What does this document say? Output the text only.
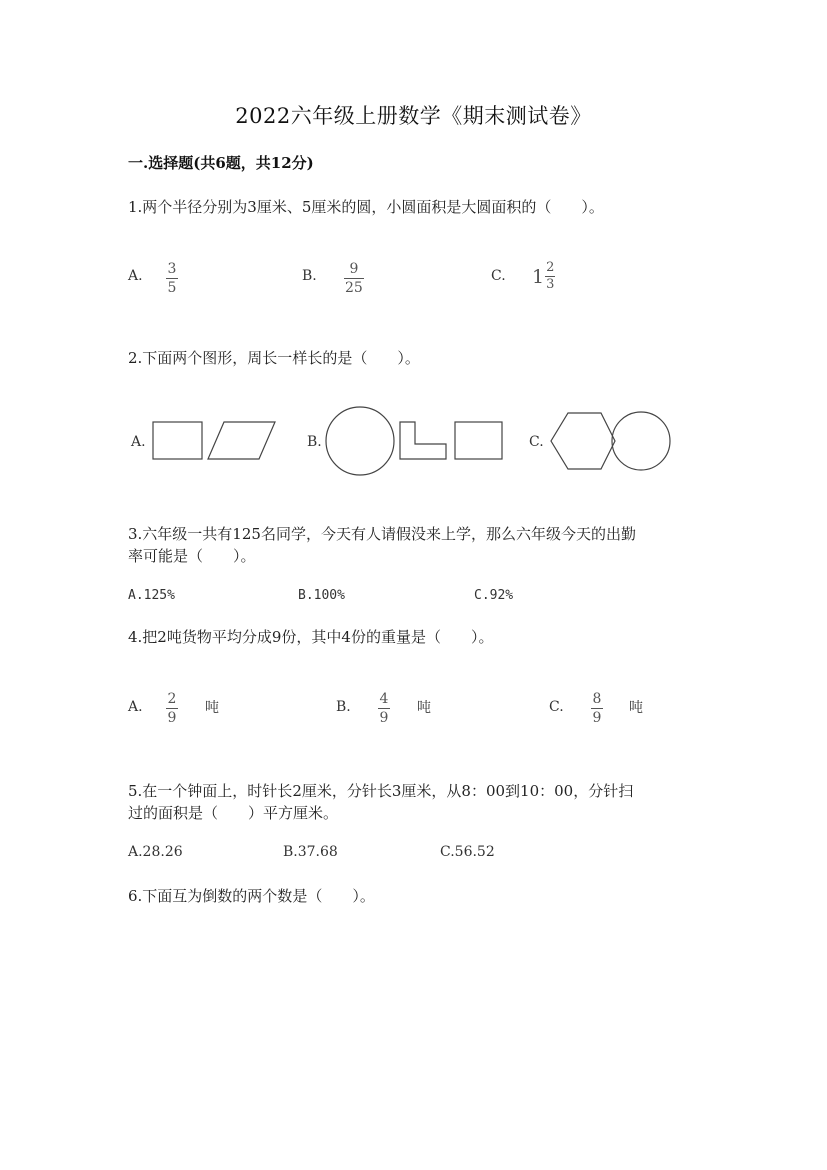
2022六年级上册数学《期末测试卷》
一.选择题(共6题，共12分)
1.两个半径分别为3厘米、5厘米的圆，小圆面积是大圆面积的（　　）。
A. 3
5
B. 9
25
C. $1 \frac{2}{3}$
2.下面两个图形，周长一样长的是（　　）。
A.	B.	C.
3.六年级一共有125名同学，今天有人请假没来上学，那么六年级今天的出勤
率可能是（　　）。
A.125%	B.100%	C.92%
4.把2吨货物平均分成9份，其中4份的重量是（　　）。
A. 2
9
吨	B. 4
9
吨	C. 8
9
吨
5.在一个钟面上，时针长2厘米，分针长3厘米，从8：00到10：00，分针扫
过的面积是（　　）平方厘米。
A.28.26	B.37.68	C.56.52
6.下面互为倒数的两个数是（　　）。
